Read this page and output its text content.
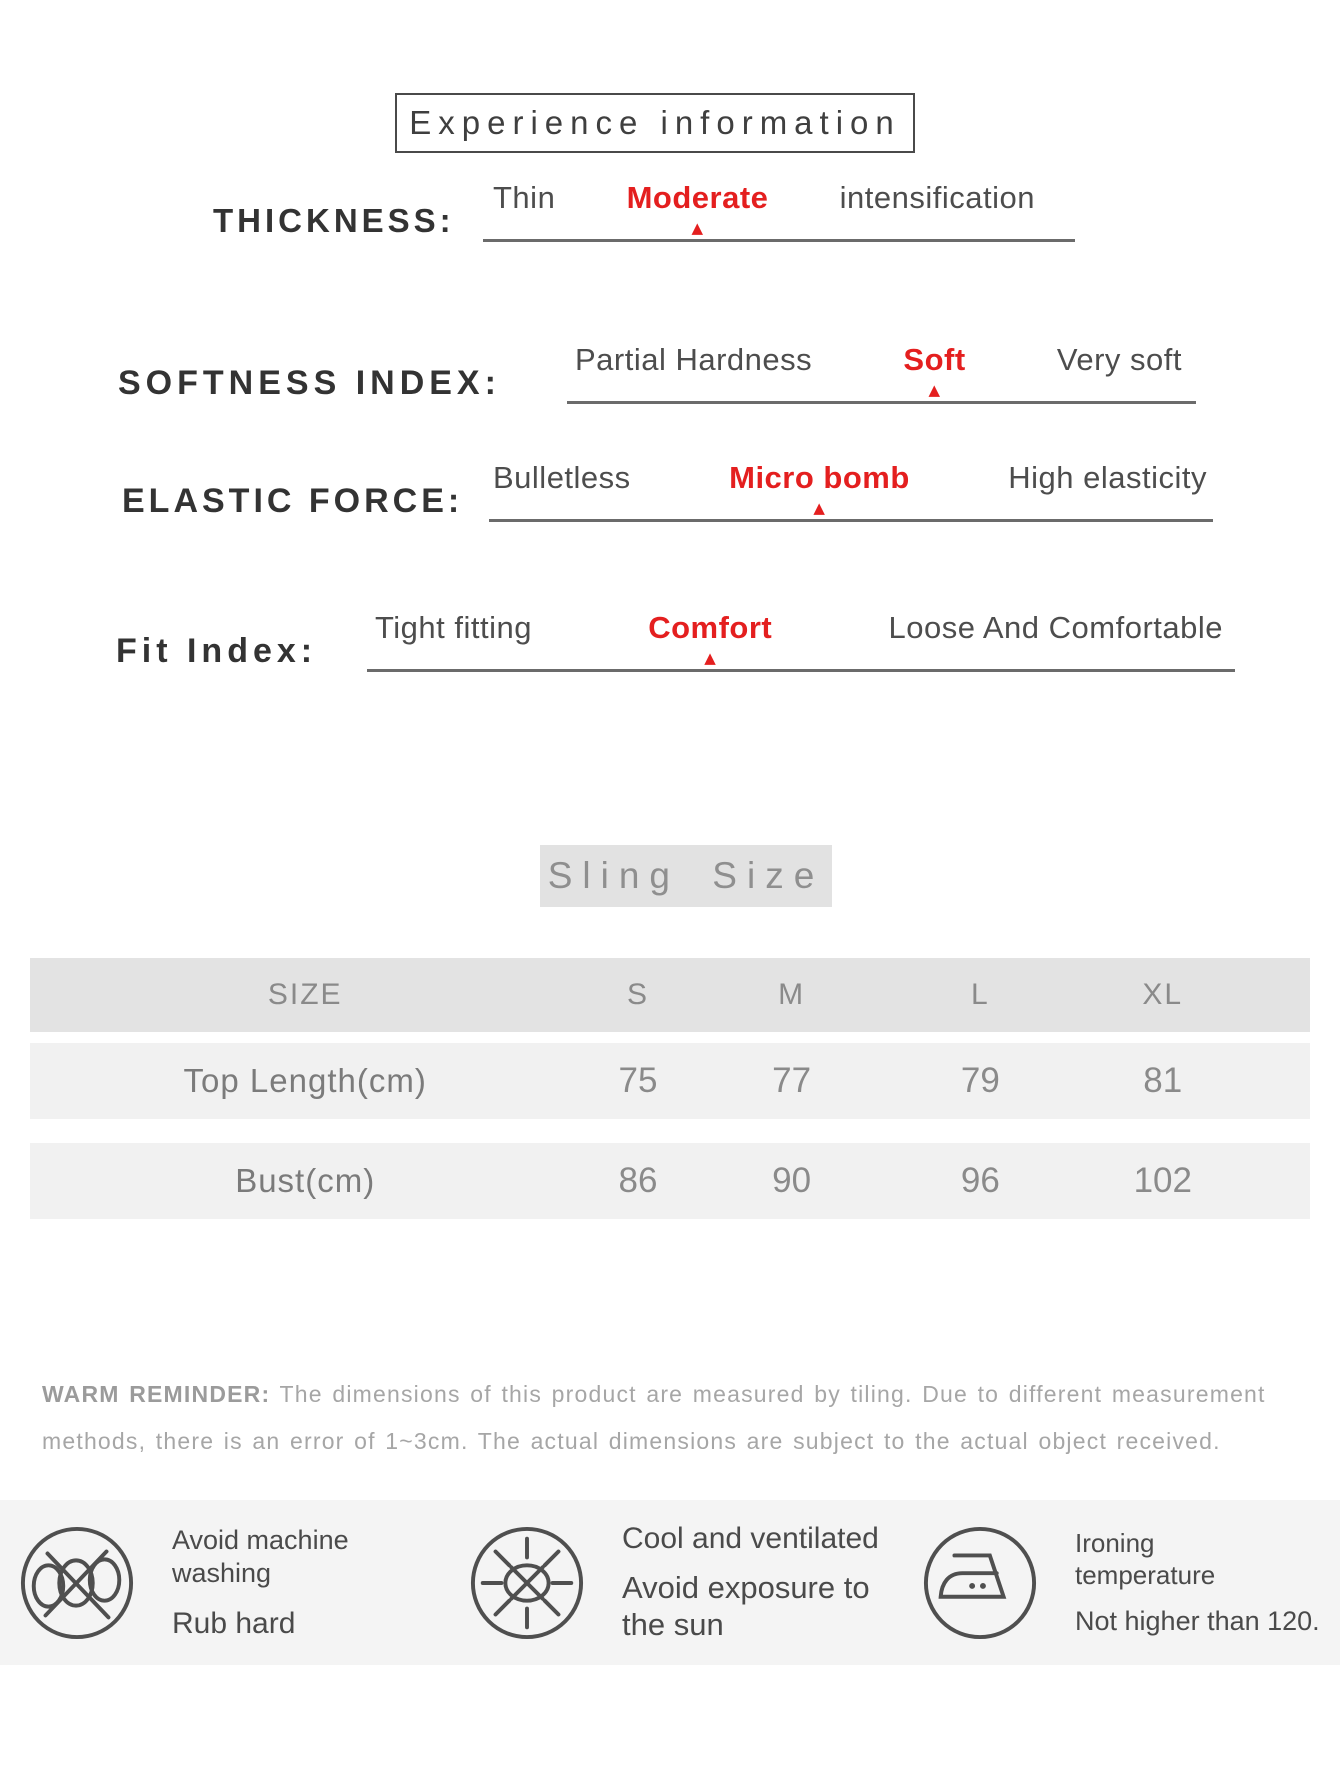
Experience information
THICKNESS:
Thin Moderate
▲
intensification
SOFTNESS INDEX:
Partial Hardness	Soft
▲
Very soft
ELASTIC FORCE:
Bulletless	Micro bomb
▲
High elasticity
Fit Index:
Tight fitting	Comfort
▲
Loose And Comfortable
Sling Size
SIZE	S	M	L	XL
Top Length(cm)	75	77	79	81
Bust(cm)	86	90	96	102

WARM REMINDER: The dimensions of this product are measured by tiling. Due to different measurement methods, there is an error of 1~3cm. The actual dimensions are subject to the actual object received.

Avoid machine washing
Rub hard
Cool and ventilated
Avoid exposure to the sun
Ironing temperature
Not higher than 120.
